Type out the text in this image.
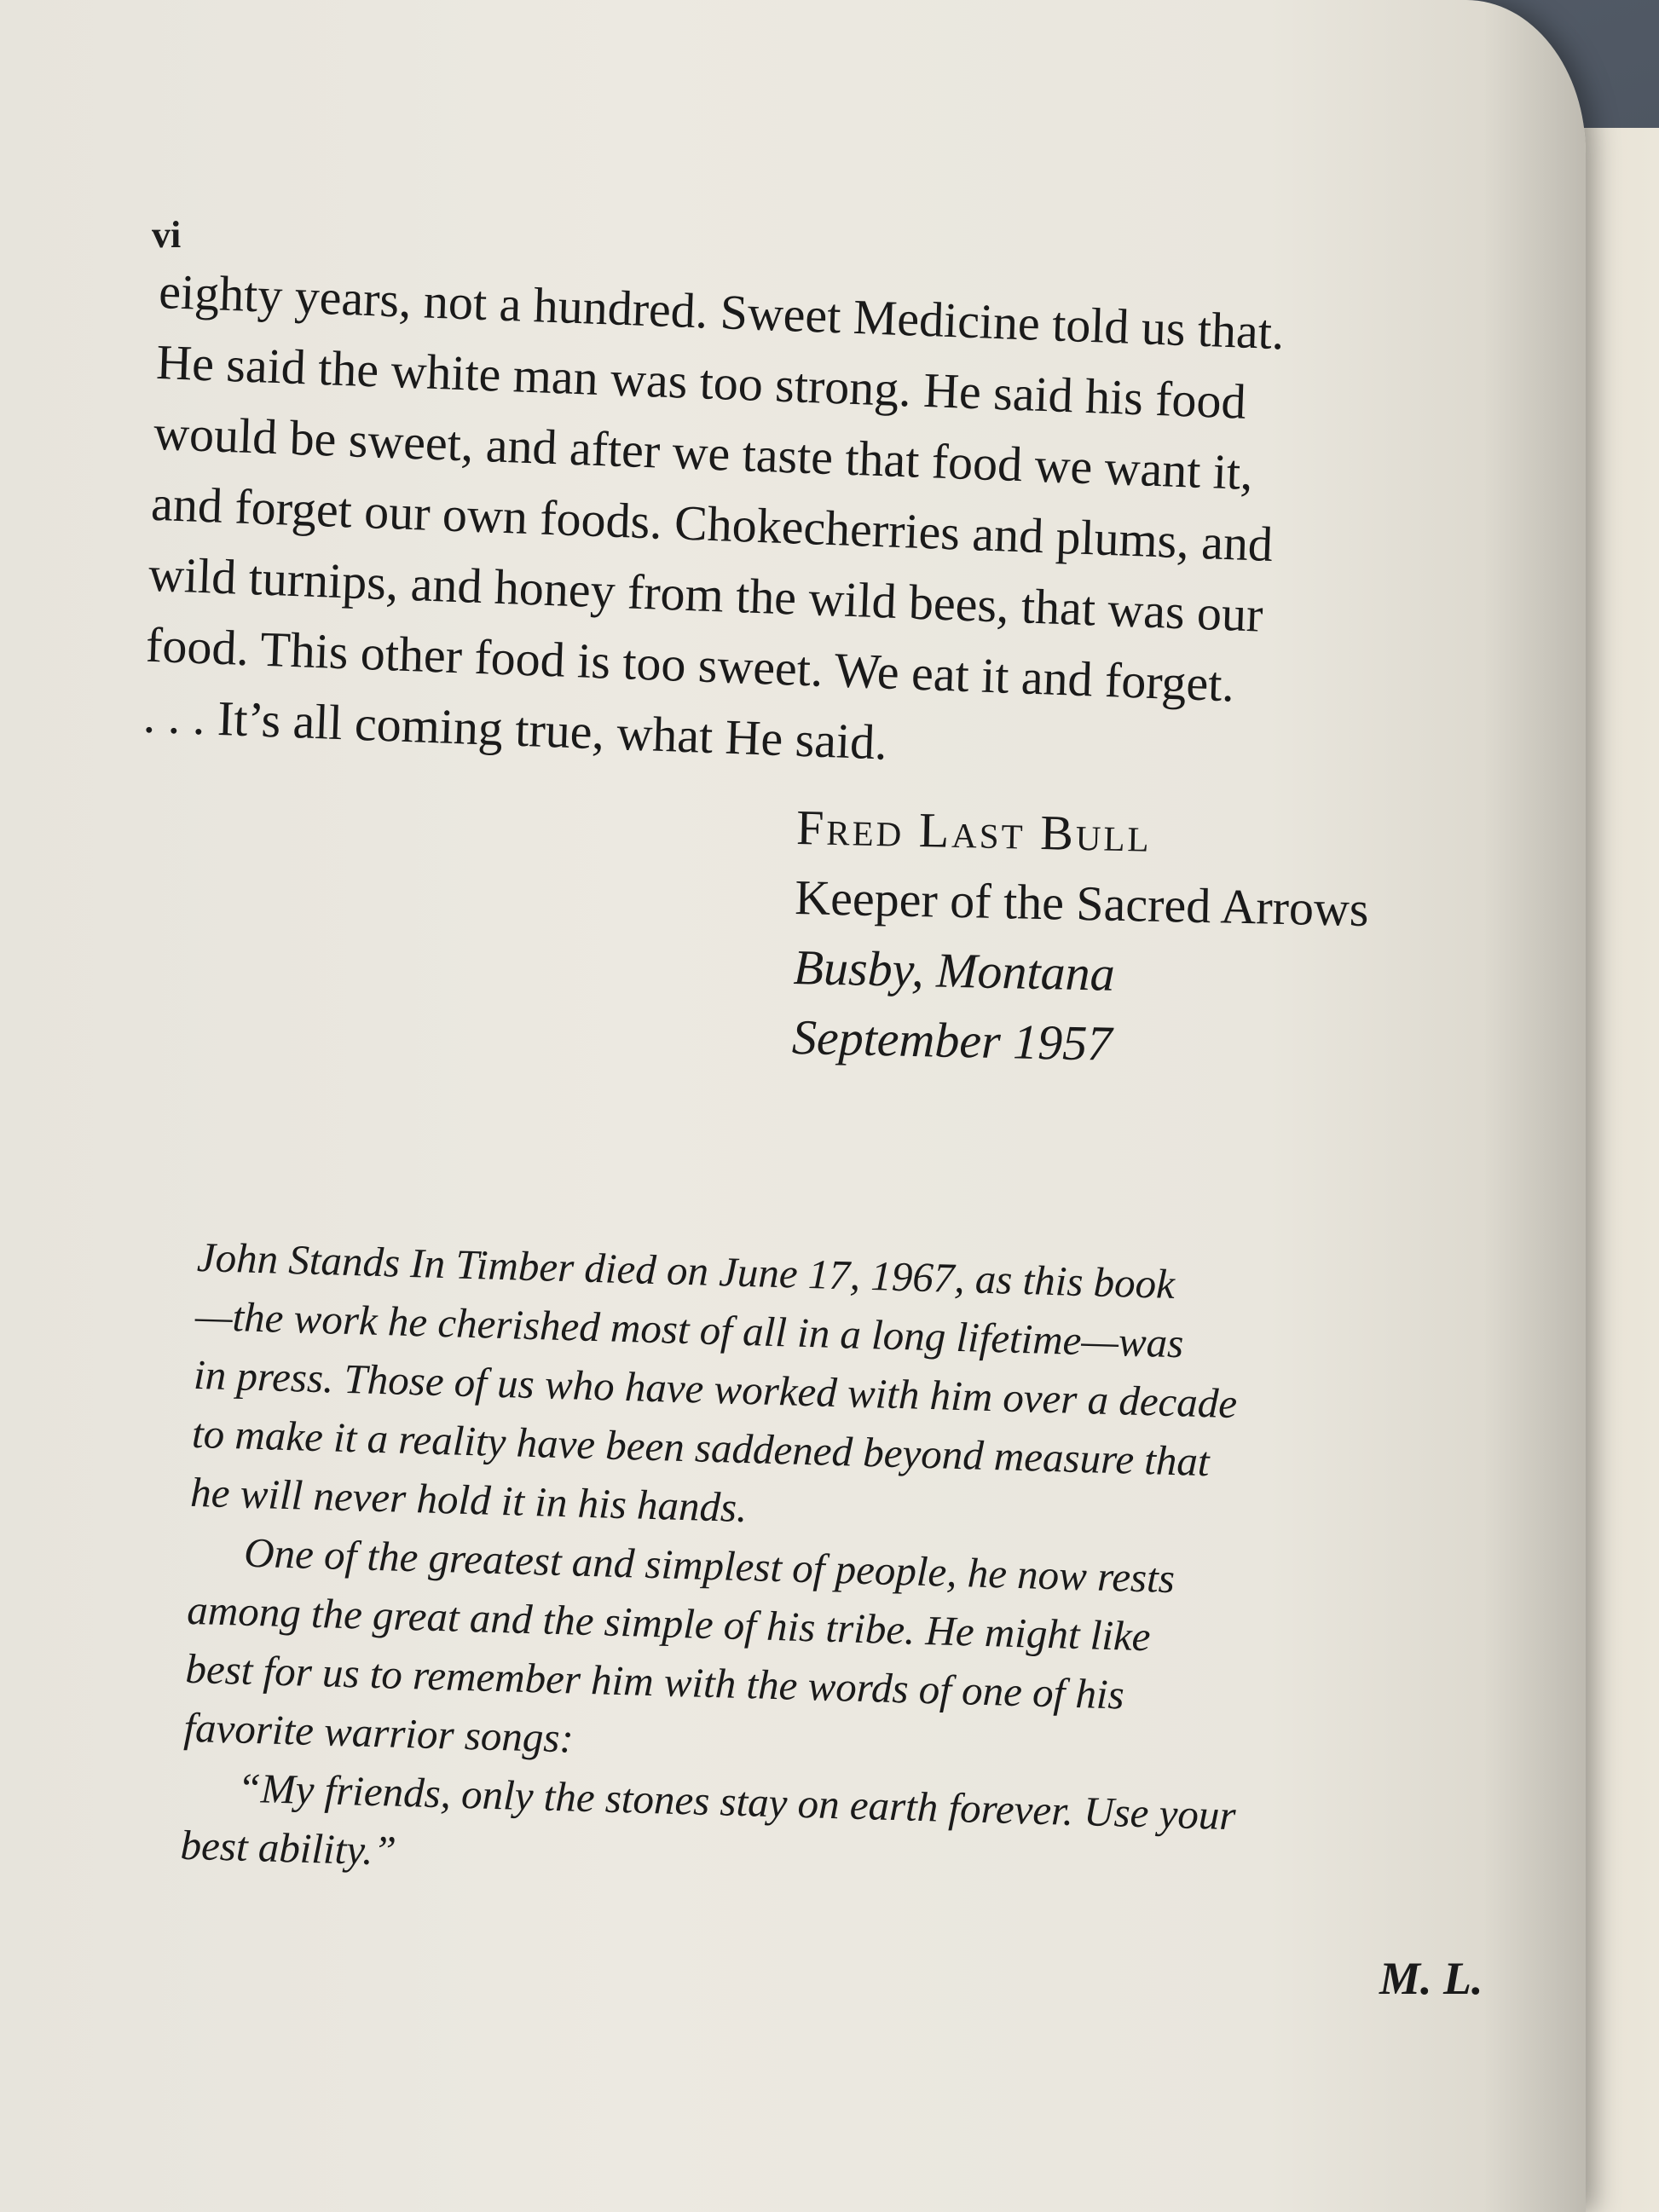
vi
eighty years, not a hundred. Sweet Medicine told us that.
He said the white man was too strong. He said his food
would be sweet, and after we taste that food we want it,
and forget our own foods. Chokecherries and plums, and
wild turnips, and honey from the wild bees, that was our
food. This other food is too sweet. We eat it and forget.
. . . It’s all coming true, what He said.
Fred Last Bull
Keeper of the Sacred Arrows
Busby, Montana
September 1957
John Stands In Timber died on June 17, 1967, as this book
—the work he cherished most of all in a long lifetime—was
in press. Those of us who have worked with him over a decade
to make it a reality have been saddened beyond measure that
he will never hold it in his hands.
One of the greatest and simplest of people, he now rests
among the great and the simple of his tribe. He might like
best for us to remember him with the words of one of his
favorite warrior songs:
“My friends, only the stones stay on earth forever. Use your
best ability.”
M. L.
